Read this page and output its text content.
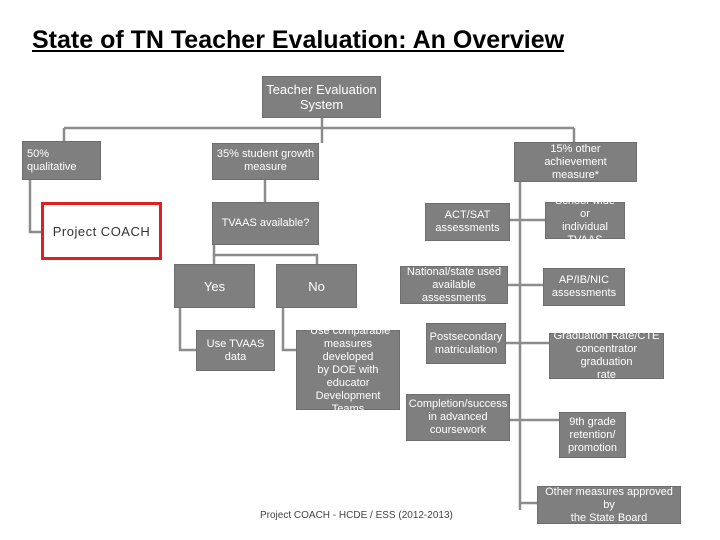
State of TN Teacher Evaluation: An Overview
Teacher Evaluation
System
50% qualitative
35% student growth
measure
15% other achievement
measure*
Project COACH
TVAAS available?
Yes	No
Use TVAAS data
*Use comparable
measures developed
by DOE with
educator
Development Teams
ACT/SAT
assessments
National/state used
available assessments
Postsecondary
matriculation
Completion/success
in advanced
coursework
School-wide or
individual TVAAS
AP/IB/NIC
assessments
Graduation Rate/CTE
concentrator graduation
rate
9th grade
retention/
promotion
Other measures approved by
the State Board
Project COACH - HCDE / ESS (2012-2013)
